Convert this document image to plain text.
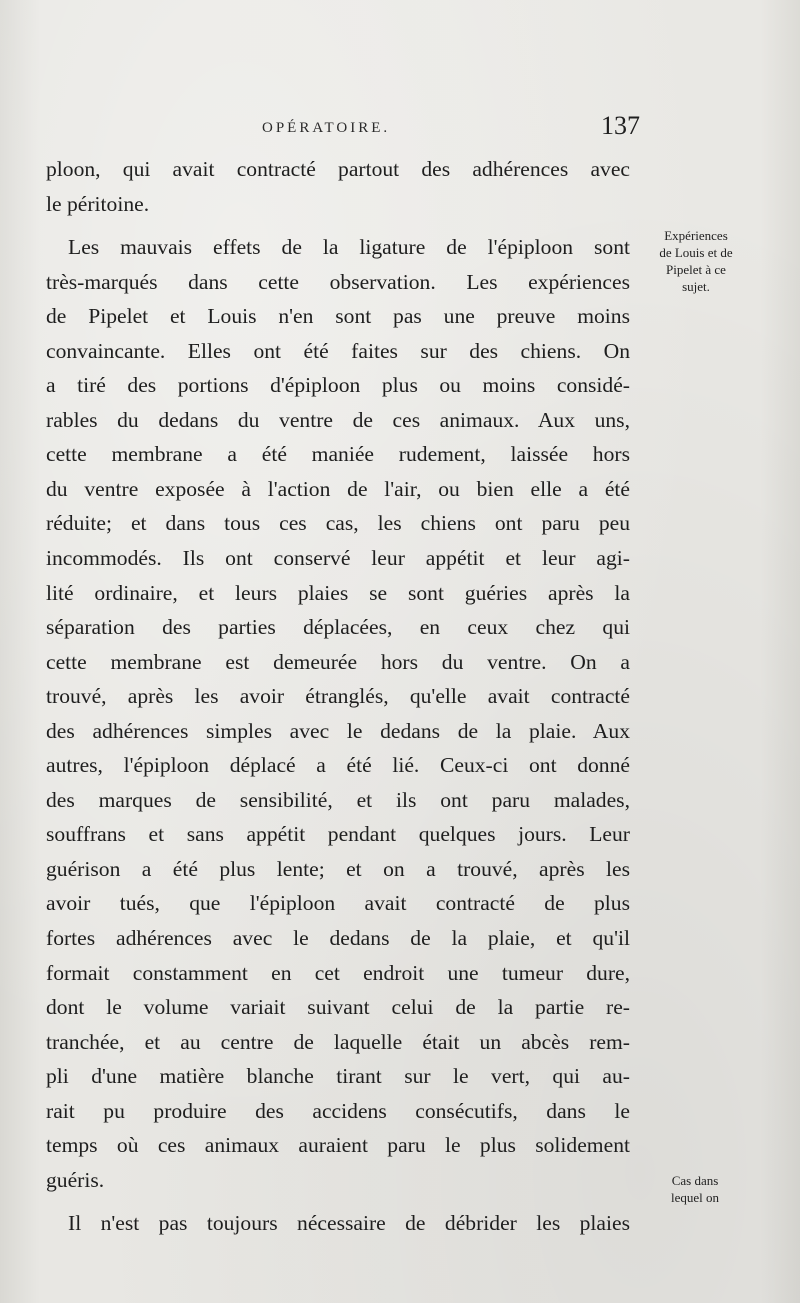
OPÉRATOIRE.	137

ploon, qui avait contracté partout des adhérences avec
le péritoine.

Les mauvais effets de la ligature de l'épiploon sont
très-marqués dans cette observation. Les expériences
de Pipelet et Louis n'en sont pas une preuve moins
convaincante. Elles ont été faites sur des chiens. On
a tiré des portions d'épiploon plus ou moins considé-
rables du dedans du ventre de ces animaux. Aux uns,
cette membrane a été maniée rudement, laissée hors
du ventre exposée à l'action de l'air, ou bien elle a été
réduite; et dans tous ces cas, les chiens ont paru peu
incommodés. Ils ont conservé leur appétit et leur agi-
lité ordinaire, et leurs plaies se sont guéries après la
séparation des parties déplacées, en ceux chez qui
cette membrane est demeurée hors du ventre. On a
trouvé, après les avoir étranglés, qu'elle avait contracté
des adhérences simples avec le dedans de la plaie. Aux
autres, l'épiploon déplacé a été lié. Ceux-ci ont donné
des marques de sensibilité, et ils ont paru malades,
souffrans et sans appétit pendant quelques jours. Leur
guérison a été plus lente; et on a trouvé, après les
avoir tués, que l'épiploon avait contracté de plus
fortes adhérences avec le dedans de la plaie, et qu'il
formait constamment en cet endroit une tumeur dure,
dont le volume variait suivant celui de la partie re-
tranchée, et au centre de laquelle était un abcès rem-
pli d'une matière blanche tirant sur le vert, qui au-
rait pu produire des accidens consécutifs, dans le
temps où ces animaux auraient paru le plus solidement
guéris.

Il n'est pas toujours nécessaire de débrider les plaies

Expériences
de Louis et de
Pipelet à ce
sujet.
Cas dans
lequel on
